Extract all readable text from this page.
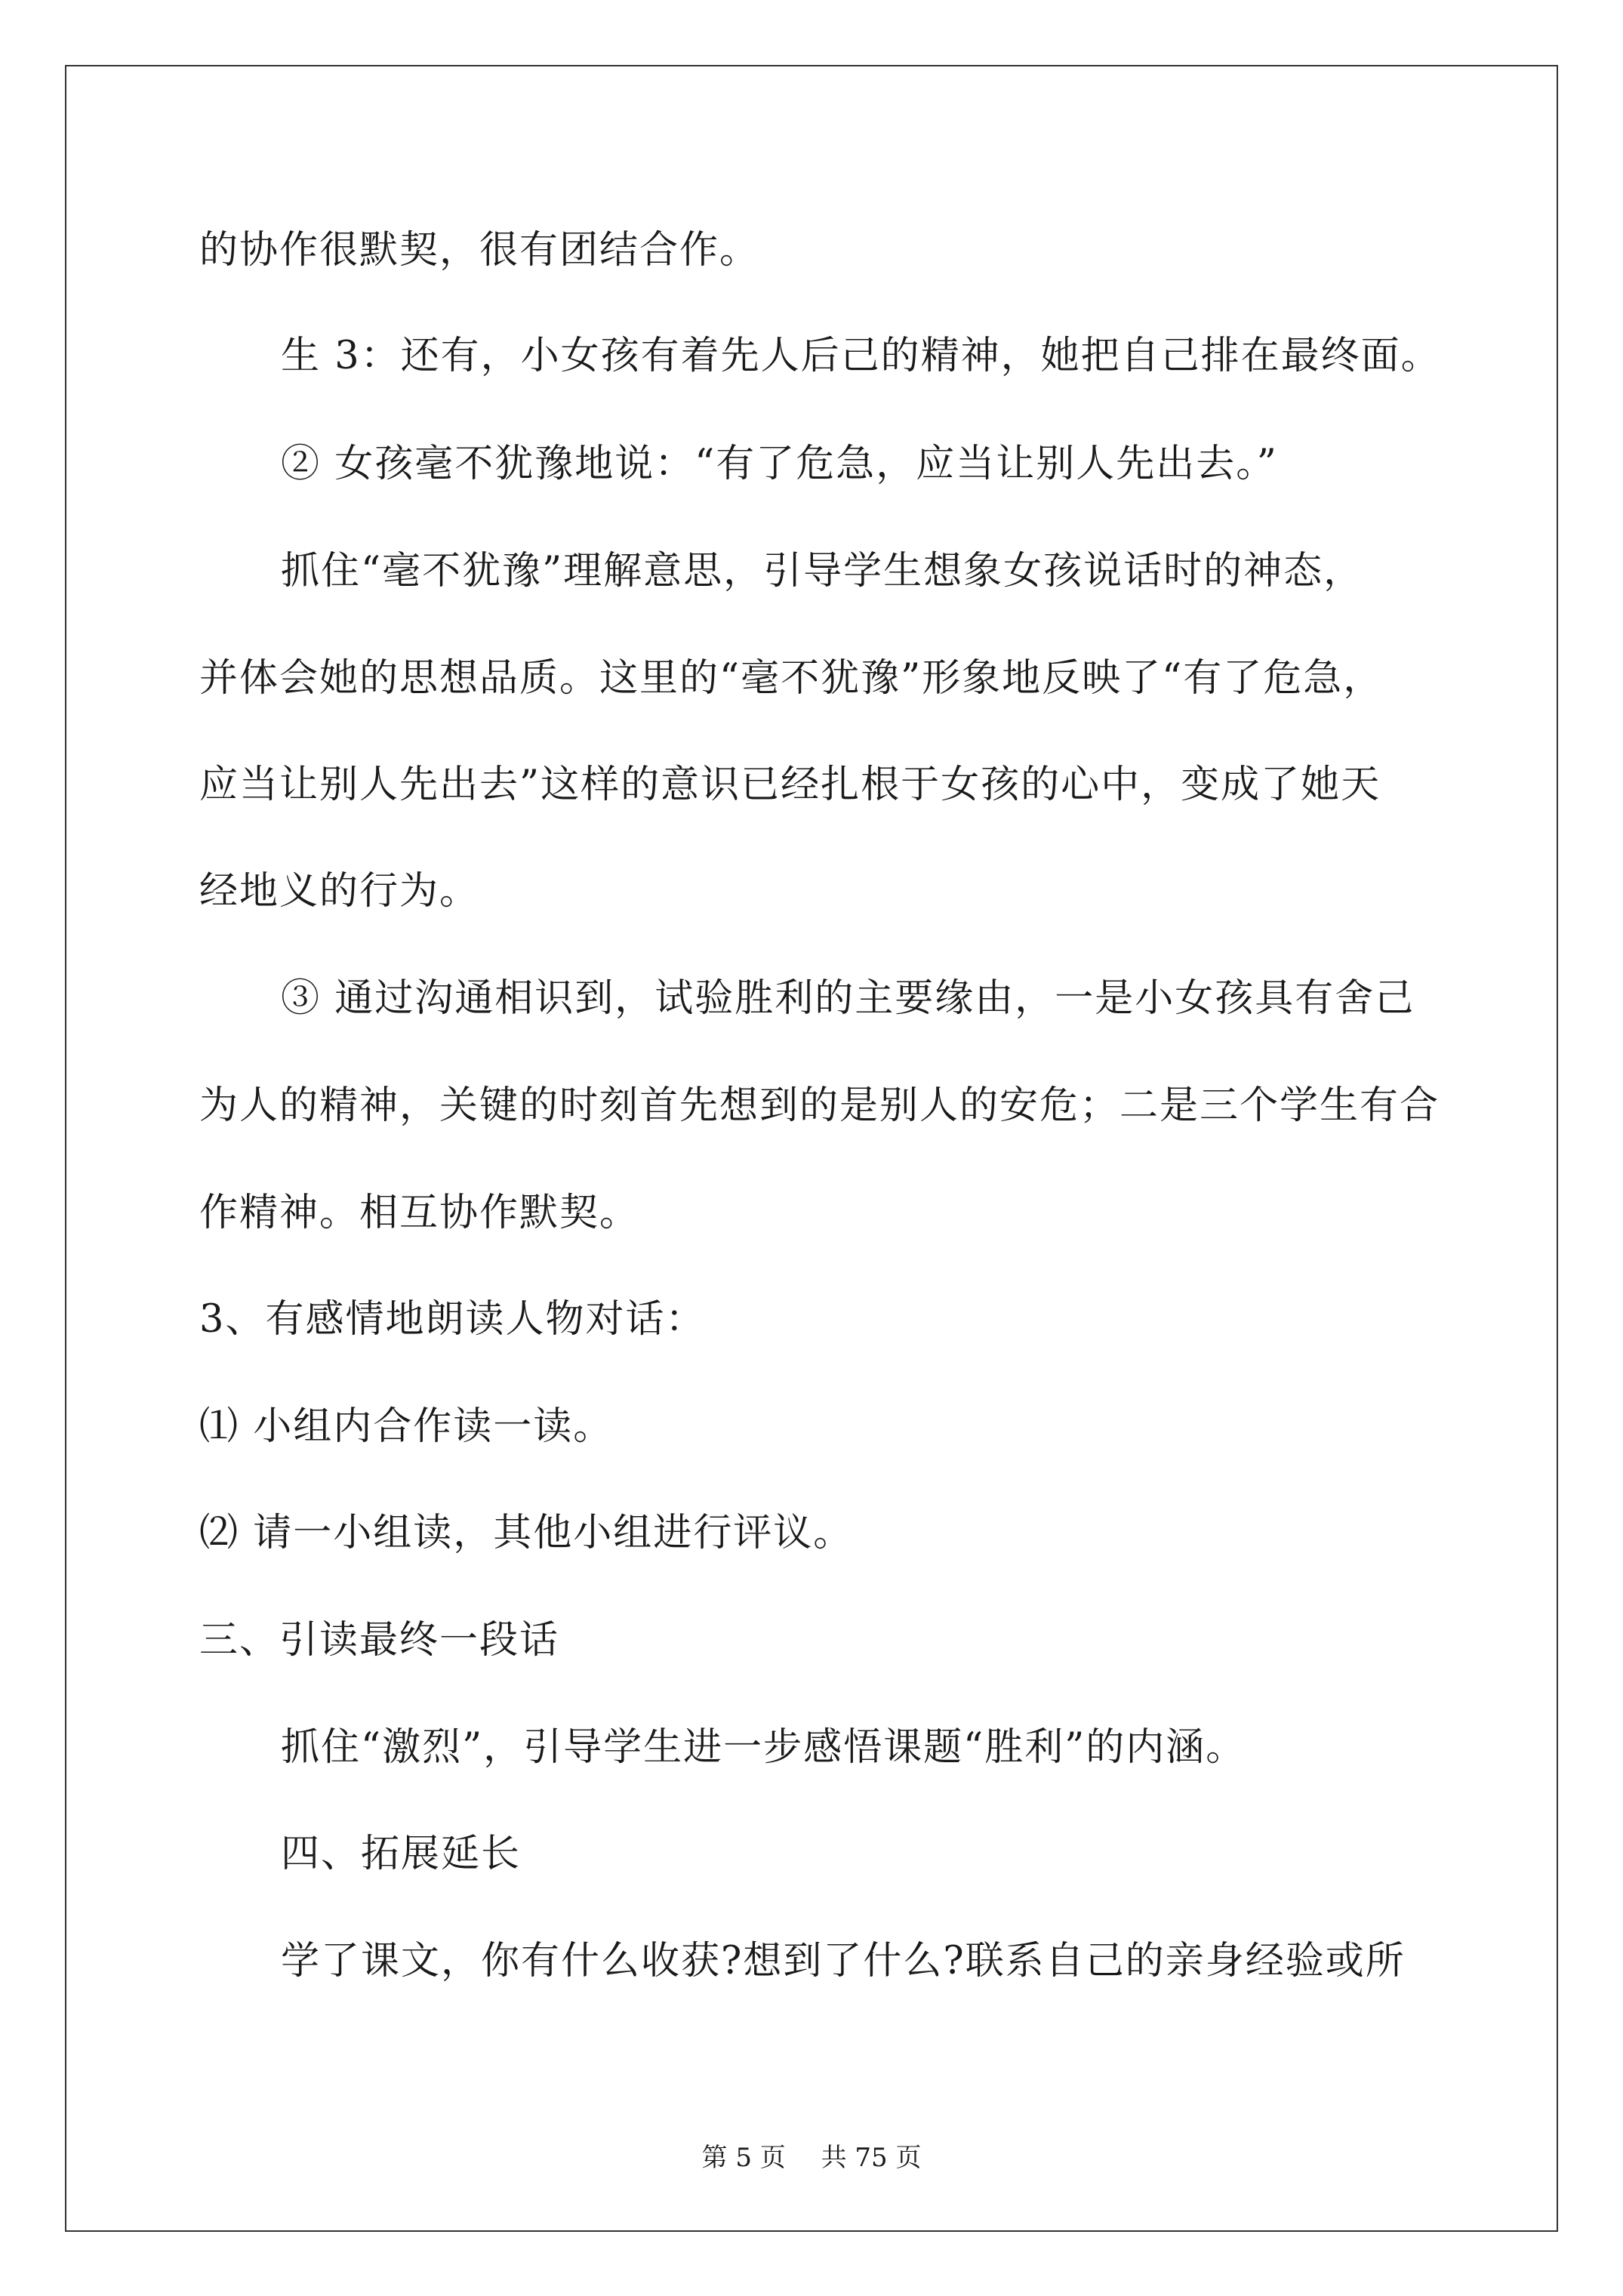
的协作很默契，很有团结合作。
生 3：还有，小女孩有着先人后己的精神，她把自己排在最终面。
② 女孩毫不犹豫地说：“有了危急，应当让别人先出去。”
抓住“毫不犹豫”理解意思，引导学生想象女孩说话时的神态，
并体会她的思想品质。这里的“毫不犹豫”形象地反映了“有了危急，
应当让别人先出去”这样的意识已经扎根于女孩的心中，变成了她天
经地义的行为。
③ 通过沟通相识到，试验胜利的主要缘由，一是小女孩具有舍己
为人的精神，关键的时刻首先想到的是别人的安危；二是三个学生有合
作精神。相互协作默契。
3、有感情地朗读人物对话：
⑴ 小组内合作读一读。
⑵ 请一小组读，其他小组进行评议。
三、引读最终一段话
抓住“激烈”，引导学生进一步感悟课题“胜利”的内涵。
四、拓展延长
学了课文，你有什么收获?想到了什么?联系自己的亲身经验或所
第 5 页 共 75 页
